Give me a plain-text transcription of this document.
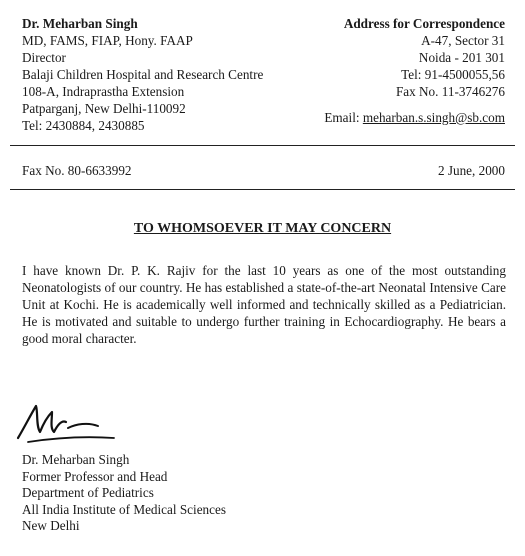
Dr. Meharban Singh
MD, FAMS, FIAP, Hony. FAAP
Director
Balaji Children Hospital and Research Centre
108-A, Indraprastha Extension
Patparganj, New Delhi-110092
Tel: 2430884, 2430885
Address for Correspondence
A-47, Sector 31
Noida - 201 301
Tel: 91-4500055,56
Fax No. 11-3746276
Email: meharban.s.singh@sb.com
Fax No. 80-6633992	2 June, 2000
TO WHOMSOEVER IT MAY CONCERN
I have known Dr. P. K. Rajiv for the last 10 years as one of the most outstanding Neonatologists of our country. He has established a state-of-the-art Neonatal Intensive Care Unit at Kochi. He is academically well informed and technically skilled as a Pediatrician. He is motivated and suitable to undergo further training in Echocardiography. He bears a good moral character.
Dr. Meharban Singh
Former Professor and Head
Department of Pediatrics
All India Institute of Medical Sciences
New Delhi
